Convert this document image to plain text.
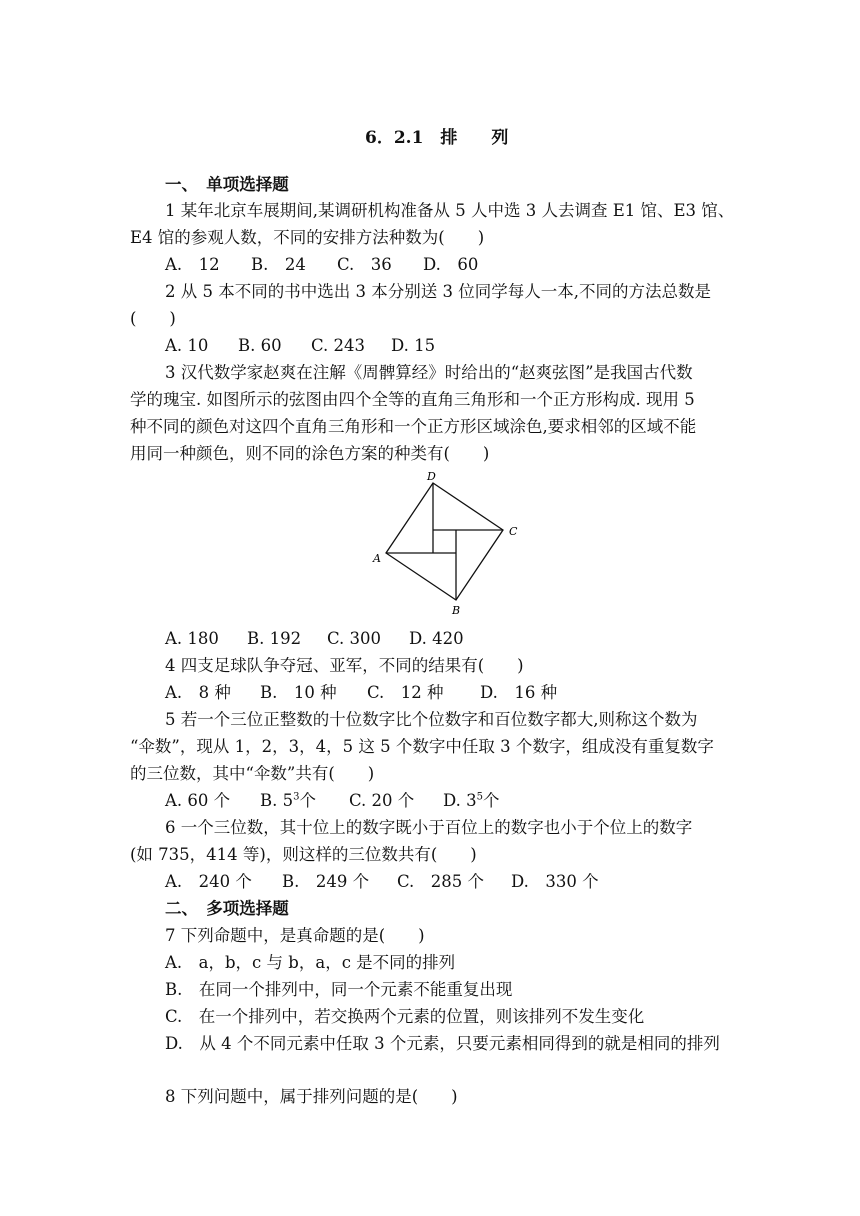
6．2.1　排　　列
一、　单项选择题
1 某年北京车展期间,某调研机构准备从 5 人中选 3 人去调查 E1 馆、E3 馆、
E4 馆的参观人数，不同的安排方法种数为(　　)
A.　12 B.　24 C.　36 D.　60
2 从 5 本不同的书中选出 3 本分别送 3 位同学每人一本,不同的方法总数是
(　　)
A. 10 B. 60 C. 243 D. 15
3 汉代数学家赵爽在注解《周髀算经》时给出的“赵爽弦图”是我国古代数
学的瑰宝. 如图所示的弦图由四个全等的直角三角形和一个正方形构成. 现用 5
种不同的颜色对这四个直角三角形和一个正方形区域涂色,要求相邻的区域不能
用同一种颜色，则不同的涂色方案的种类有(　　)
D
C
A
B
A. 180 B. 192 C. 300 D. 420
4 四支足球队争夺冠、亚军，不同的结果有(　　)
A.　8 种 B.　10 种 C.　12 种 D.　16 种
5 若一个三位正整数的十位数字比个位数字和百位数字都大,则称这个数为
“伞数”，现从 1，2，3，4，5 这 5 个数字中任取 3 个数字，组成没有重复数字
的三位数，其中“伞数”共有(　　)
A. 60 个 B. $5^3$个 C. 20 个 D. $3^5$个
6 一个三位数，其十位上的数字既小于百位上的数字也小于个位上的数字
(如 735，414 等)，则这样的三位数共有(　　)
A.　240 个 B.　249 个 C.　285 个 D.　330 个
二、　多项选择题
7 下列命题中，是真命题的是(　　)
A.　a，b，c 与 b，a，c 是不同的排列
B.　在同一个排列中，同一个元素不能重复出现
C.　在一个排列中，若交换两个元素的位置，则该排列不发生变化
D.　从 4 个不同元素中任取 3 个元素，只要元素相同得到的就是相同的排列
8 下列问题中，属于排列问题的是(　　)
